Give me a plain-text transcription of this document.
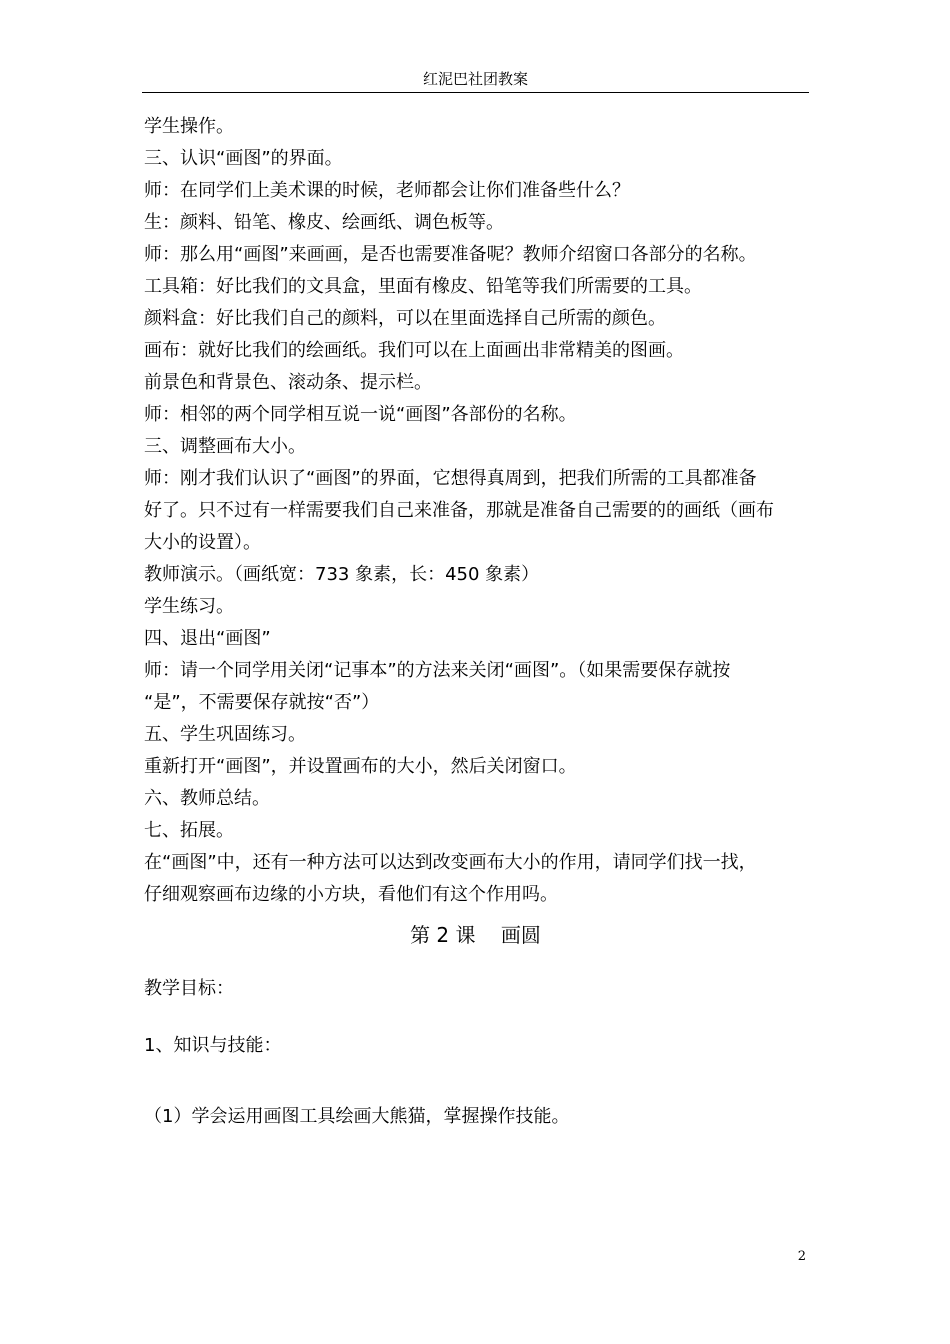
红泥巴社团教案
学生操作。
三、认识“画图”的界面。
师：在同学们上美术课的时候，老师都会让你们准备些什么？
生：颜料、铅笔、橡皮、绘画纸、调色板等。
师：那么用“画图”来画画，是否也需要准备呢？教师介绍窗口各部分的名称。
工具箱：好比我们的文具盒，里面有橡皮、铅笔等我们所需要的工具。
颜料盒：好比我们自己的颜料，可以在里面选择自己所需的颜色。
画布：就好比我们的绘画纸。我们可以在上面画出非常精美的图画。
前景色和背景色、滚动条、提示栏。
师：相邻的两个同学相互说一说“画图”各部份的名称。
三、调整画布大小。
师：刚才我们认识了“画图”的界面，它想得真周到，把我们所需的工具都准备
好了。只不过有一样需要我们自己来准备，那就是准备自己需要的的画纸（画布
大小的设置）。
教师演示。（画纸宽：733 象素，长：450 象素）
学生练习。
四、退出“画图”
师：请一个同学用关闭“记事本”的方法来关闭“画图”。（如果需要保存就按
“是”，不需要保存就按“否”）
五、学生巩固练习。
重新打开“画图”，并设置画布的大小，然后关闭窗口。
六、教师总结。
七、拓展。
在“画图”中，还有一种方法可以达到改变画布大小的作用，请同学们找一找，
仔细观察画布边缘的小方块，看他们有这个作用吗。
第 2 课    画圆
教学目标：
1、知识与技能：
（1）学会运用画图工具绘画大熊猫，掌握操作技能。
2
